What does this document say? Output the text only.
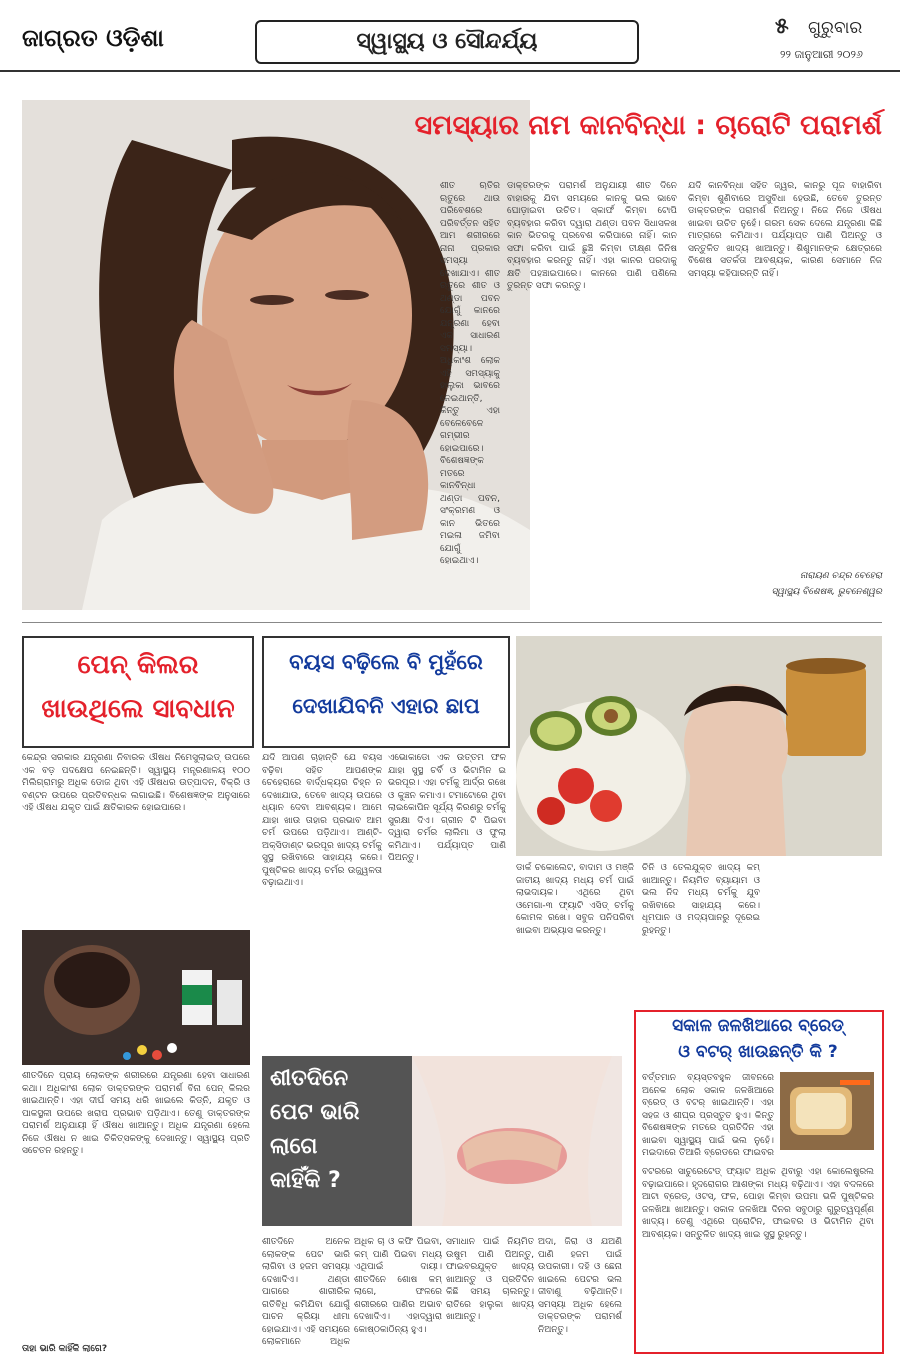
ଜାଗ୍ରତ ଓଡ଼ିଶା	ସ୍ୱାସ୍ଥ୍ୟ ଓ ସୌନ୍ଦର୍ଯ୍ୟ
୫ ଗୁରୁବାର
୨୨ ଜାନୁଆରୀ ୨୦୨୬
ସମସ୍ୟାର ନାମ କାନବିନ୍ଧା : ଚାରୋଟି ପରାମର୍ଶ
ଶୀତ ଋତିର ଋତୁରେ ଥାଉ ପରିବେଶରେ ପରିବର୍ତ୍ତନ ସହିତ ଆମ ଶରୀରରେ ନାନା ପ୍ରକାର ସମସ୍ୟା ଦେଖାଯାଏ। ଶୀତ ଋତୁରେ ଶୀତ ଓ ଥଣ୍ଡା ପବନ ଯୋଗୁଁ କାନରେ ଯନ୍ତ୍ରଣା ହେବା ଏକ ସାଧାରଣ ସମସ୍ୟା। ଅଧିକାଂଶ ଲୋକ ଏହି ସମସ୍ୟାକୁ ହାଲୁକା ଭାବରେ ନେଇଥାନ୍ତି, କିନ୍ତୁ ଏହା ବେଳେବେଳେ ଗମ୍ଭୀର ହୋଇପାରେ। ବିଶେଷଜ୍ଞଙ୍କ ମତରେ କାନବିନ୍ଧା ଥଣ୍ଡା ପବନ, ସଂକ୍ରମଣ ଓ କାନ ଭିତରେ ମଇଳା ଜମିବା ଯୋଗୁଁ ହୋଇଥାଏ।
ଡାକ୍ତରଙ୍କ ପରାମର୍ଶ ଅନୁଯାୟୀ ଶୀତ ଦିନେ ବାହାରକୁ ଯିବା ସମୟରେ କାନକୁ ଭଲ ଭାବେ ଘୋଡ଼ାଇବା ଉଚିତ। ସ୍କାର୍ଫ କିମ୍ବା ଟୋପି ବ୍ୟବହାର କରିବା ଦ୍ୱାରା ଥଣ୍ଡା ପବନ ସିଧାସଳଖ କାନ ଭିତରକୁ ପ୍ରବେଶ କରିପାରେ ନାହିଁ। କାନ ସଫା କରିବା ପାଇଁ ଛୁଞ୍ଚି କିମ୍ବା ତୀକ୍ଷ୍ଣ ଜିନିଷ ବ୍ୟବହାର କରନ୍ତୁ ନାହିଁ। ଏହା କାନର ପରଦାକୁ କ୍ଷତି ପହଞ୍ଚାଇପାରେ। କାନରେ ପାଣି ପଶିଲେ ତୁରନ୍ତ ସଫା କରନ୍ତୁ।
ଯଦି କାନବିନ୍ଧା ସହିତ ଜ୍ୱର, କାନରୁ ପୂଜ ବାହାରିବା କିମ୍ବା ଶୁଣିବାରେ ଅସୁବିଧା ହେଉଛି, ତେବେ ତୁରନ୍ତ ଡାକ୍ତରଙ୍କ ପରାମର୍ଶ ନିଅନ୍ତୁ। ନିଜେ ନିଜେ ଔଷଧ ଖାଇବା ଉଚିତ ନୁହେଁ। ଗରମ ସେକ ଦେଲେ ଯନ୍ତ୍ରଣା କିଛି ମାତ୍ରାରେ କମିଥାଏ। ପର୍ଯ୍ୟାପ୍ତ ପାଣି ପିଅନ୍ତୁ ଓ ସନ୍ତୁଳିତ ଖାଦ୍ୟ ଖାଆନ୍ତୁ। ଶିଶୁମାନଙ୍କ କ୍ଷେତ୍ରରେ ବିଶେଷ ସତର୍କତା ଆବଶ୍ୟକ, କାରଣ ସେମାନେ ନିଜ ସମସ୍ୟା କହିପାରନ୍ତି ନାହିଁ।
ନାରାୟଣ ଚନ୍ଦ୍ର ବେହେରା
ସ୍ୱାସ୍ଥ୍ୟ ବିଶେଷଜ୍ଞ, ଭୁବନେଶ୍ୱର
ପେନ୍ କିଲର
ଖାଉଥିଲେ ସାବଧାନ
କେନ୍ଦ୍ର ସରକାର ଯନ୍ତ୍ରଣା ନିବାରକ ଔଷଧ ନିମେସୁଲାଇଡ୍ ଉପରେ ଏକ ବଡ଼ ପଦକ୍ଷେପ ନେଇଛନ୍ତି। ସ୍ୱାସ୍ଥ୍ୟ ମନ୍ତ୍ରଣାଳୟ ୧୦୦ ମିଲିଗ୍ରାମରୁ ଅଧିକ ଡୋଜ ଥିବା ଏହି ଔଷଧର ଉତ୍ପାଦନ, ବିକ୍ରି ଓ ବଣ୍ଟନ ଉପରେ ପ୍ରତିବନ୍ଧକ ଲଗାଇଛି। ବିଶେଷଜ୍ଞଙ୍କ ଅନୁସାରେ ଏହି ଔଷଧ ଯକୃତ ପାଇଁ କ୍ଷତିକାରକ ହୋଇପାରେ।
ଶୀତଦିନେ ପ୍ରାୟ ଲୋକଙ୍କ ଶରୀରରେ ଯନ୍ତ୍ରଣା ହେବା ସାଧାରଣ କଥା। ଅଧିକାଂଶ ଲୋକ ଡାକ୍ତରଙ୍କ ପରାମର୍ଶ ବିନା ପେନ୍ କିଲର ଖାଇଥାନ୍ତି। ଏହା ଦୀର୍ଘ ସମୟ ଧରି ଖାଇଲେ କିଡ୍ନି, ଯକୃତ ଓ ପାକସ୍ଥଳୀ ଉପରେ ଖରାପ ପ୍ରଭାବ ପଡ଼ିଥାଏ। ତେଣୁ ଡାକ୍ତରଙ୍କ ପରାମର୍ଶ ଅନୁଯାୟୀ ହିଁ ଔଷଧ ଖାଆନ୍ତୁ। ଅଧିକ ଯନ୍ତ୍ରଣା ହେଲେ ନିଜେ ଔଷଧ ନ ଖାଇ ଚିକିତ୍ସକଙ୍କୁ ଦେଖାନ୍ତୁ। ସ୍ୱାସ୍ଥ୍ୟ ପ୍ରତି ସଚେତନ ରହନ୍ତୁ।
ତାହା ଭାରି କାହିଁକି ଲାଗେ?
ବୟସ ବଢ଼ିଲେ ବି ମୁହଁରେ
ଦେଖାଯିବନି ଏହାର ଛାପ
ଯଦି ଆପଣ ଚାହାନ୍ତି ଯେ ବୟସ ବଢ଼ିବା ସହିତ ଆପଣଙ୍କ ଚେହେରାରେ ବାର୍ଦ୍ଧକ୍ୟର ଚିହ୍ନ ନ ଦେଖାଯାଉ, ତେବେ ଖାଦ୍ୟ ଉପରେ ଧ୍ୟାନ ଦେବା ଆବଶ୍ୟକ। ଆମେ ଯାହା ଖାଉ ତାହାର ପ୍ରଭାବ ଆମ ଚର୍ମ ଉପରେ ପଡ଼ିଥାଏ। ଆଣ୍ଟି-ଅକ୍ସିଡାଣ୍ଟ ଭରପୂର ଖାଦ୍ୟ ଚର୍ମକୁ ସୁସ୍ଥ ରଖିବାରେ ସାହାଯ୍ୟ କରେ। ପୁଷ୍ଟିକର ଖାଦ୍ୟ ଚର୍ମର ଉଜ୍ଜ୍ୱଳତା ବଢ଼ାଇଥାଏ।
ଏଭୋକାଡୋ ଏକ ଉତ୍ତମ ଫଳ ଯାହା ସୁସ୍ଥ ଚର୍ବି ଓ ଭିଟାମିନ ଇ ଭରପୂର। ଏହା ଚର୍ମକୁ ଆର୍ଦ୍ର ରଖେ ଓ କୁଞ୍ଚନ କମାଏ। ଟମାଟୋରେ ଥିବା ଲାଇକୋପିନ ସୂର୍ଯ୍ୟ କିରଣରୁ ଚର୍ମକୁ ସୁରକ୍ଷା ଦିଏ। ଗ୍ରୀନ ଟି ପିଇବା ଦ୍ୱାରା ଚର୍ମର ଲାଲିମା ଓ ଫୁଲା କମିଥାଏ। ପର୍ଯ୍ୟାପ୍ତ ପାଣି ପିଅନ୍ତୁ।
ଡାର୍କ ଚକୋଲେଟ, ବାଦାମ ଓ ମଞ୍ଜି ଜାତୀୟ ଖାଦ୍ୟ ମଧ୍ୟ ଚର୍ମ ପାଇଁ ଲାଭଦାୟକ। ଏଥିରେ ଥିବା ଓମେଗା-୩ ଫ୍ୟାଟି ଏସିଡ୍ ଚର୍ମକୁ କୋମଳ ରଖେ। ସବୁଜ ପନିପରିବା ଖାଇବା ଅଭ୍ୟାସ କରନ୍ତୁ।
ଚିନି ଓ ତେଲଯୁକ୍ତ ଖାଦ୍ୟ କମ୍ ଖାଆନ୍ତୁ। ନିୟମିତ ବ୍ୟାୟାମ ଓ ଭଲ ନିଦ ମଧ୍ୟ ଚର୍ମକୁ ଯୁବ ରଖିବାରେ ସାହାଯ୍ୟ କରେ। ଧୂମପାନ ଓ ମଦ୍ୟପାନରୁ ଦୂରେଇ ରୁହନ୍ତୁ।
ଶୀତଦିନେ
ପେଟ ଭାରି
ଲାଗେ
କାହିଁକି ?
ଶୀତଦିନେ ଅନେକ ଲୋକଙ୍କ ପେଟ ଭାରି ଲାଗିବା ଓ ହଜମ ସମସ୍ୟା ଦେଖାଦିଏ। ଥଣ୍ଡା ପାଗରେ ଶାରୀରିକ ଗତିବିଧି କମିଯିବା ଯୋଗୁଁ ପାଚନ କ୍ରିୟା ଧୀମା ହୋଇଯାଏ। ଏହି ସମୟରେ ଲୋକମାନେ ଅଧିକ
ଅଧିକ ଚା ଓ କଫି ପିଇବା, କମ୍ ପାଣି ପିଇବା ମଧ୍ୟ ଏଥିପାଇଁ ଦାୟୀ। ଶୀତଦିନେ ଶୋଷ କମ୍ ଲାଗେ, ଫଳରେ ଶରୀରରେ ପାଣିର ଅଭାବ ଦେଖାଦିଏ। ଏହାଦ୍ୱାରା କୋଷ୍ଠକାଠିନ୍ୟ ହୁଏ।
ସମାଧାନ ପାଇଁ ନିୟମିତ ଉଷୁମ ପାଣି ପିଅନ୍ତୁ, ଫାଇବରଯୁକ୍ତ ଖାଦ୍ୟ ଖାଆନ୍ତୁ ଓ ପ୍ରତିଦିନ କିଛି ସମୟ ଚାଲନ୍ତୁ। ରାତିରେ ହାଲୁକା ଖାଦ୍ୟ ଖାଆନ୍ତୁ।
ଅଦା, ଜିରା ଓ ଯଅଣି ପାଣି ହଜମ ପାଇଁ ଉପକାରୀ। ଦହି ଓ ଛେନା ଖାଇଲେ ପେଟର ଭଲ ଜୀବାଣୁ ବଢ଼ିଥାନ୍ତି। ସମସ୍ୟା ଅଧିକ ହେଲେ ଡାକ୍ତରଙ୍କ ପରାମର୍ଶ ନିଅନ୍ତୁ।
ସକାଳ ଜଳଖିଆରେ ବ୍ରେଡ୍
ଓ ବଟର୍ ଖାଉଛନ୍ତି କି ?
ବର୍ତ୍ତମାନ ବ୍ୟସ୍ତବହୁଳ ଜୀବନରେ ଅନେକ ଲୋକ ସକାଳ ଜଳଖିଆରେ ବ୍ରେଡ୍ ଓ ବଟର୍ ଖାଇଥାନ୍ତି। ଏହା ସହଜ ଓ ଶୀଘ୍ର ପ୍ରସ୍ତୁତ ହୁଏ। କିନ୍ତୁ ବିଶେଷଜ୍ଞଙ୍କ ମତରେ ପ୍ରତିଦିନ ଏହା ଖାଇବା ସ୍ୱାସ୍ଥ୍ୟ ପାଇଁ ଭଲ ନୁହେଁ। ମଇଦାରେ ତିଆରି ବ୍ରେଡରେ ଫାଇବର
ବଟରରେ ସାଚୁରେଟେଡ୍ ଫ୍ୟାଟ ଅଧିକ ଥିବାରୁ ଏହା କୋଲେଷ୍ଟ୍ରଲ ବଢ଼ାଇପାରେ। ହୃଦରୋଗର ଆଶଙ୍କା ମଧ୍ୟ ବଢ଼ିଥାଏ। ଏହା ବଦଳରେ ଆଟା ବ୍ରେଡ୍, ଓଟସ୍, ଫଳ, ପୋହା କିମ୍ବା ଉପମା ଭଳି ପୁଷ୍ଟିକର ଜଳଖିଆ ଖାଆନ୍ତୁ। ସକାଳ ଜଳଖିଆ ଦିନର ସବୁଠାରୁ ଗୁରୁତ୍ୱପୂର୍ଣ୍ଣ ଖାଦ୍ୟ। ତେଣୁ ଏଥିରେ ପ୍ରୋଟିନ, ଫାଇବର ଓ ଭିଟାମିନ ଥିବା ଆବଶ୍ୟକ। ସନ୍ତୁଳିତ ଖାଦ୍ୟ ଖାଇ ସୁସ୍ଥ ରୁହନ୍ତୁ।
